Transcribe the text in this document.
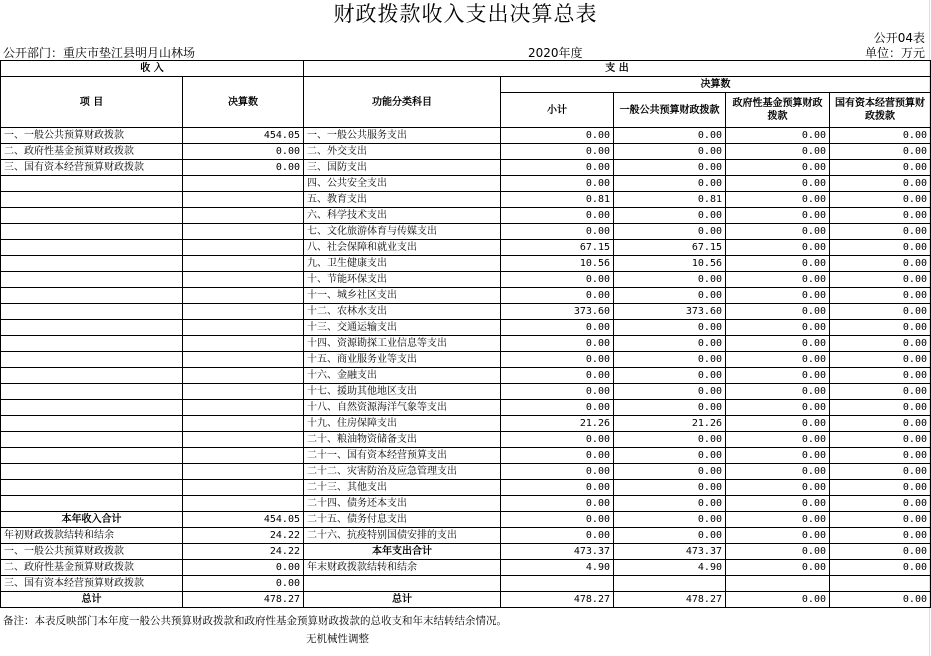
财政拨款收入支出决算总表
公开04表
公开部门：重庆市垫江县明月山林场	2020年度	单位：万元
收 入		支 出				
项 目	决算数	功能分类科目	决算数			
			小计	一般公共预算财政拨款	政府性基金预算财政拨款	国有资本经营预算财政拨款
一、一般公共预算财政拨款	454.05	一、一般公共服务支出	0.00	0.00	0.00	0.00
二、政府性基金预算财政拨款	0.00	二、外交支出	0.00	0.00	0.00	0.00
三、国有资本经营预算财政拨款	0.00	三、国防支出	0.00	0.00	0.00	0.00
		四、公共安全支出	0.00	0.00	0.00	0.00
		五、教育支出	0.81	0.81	0.00	0.00
		六、科学技术支出	0.00	0.00	0.00	0.00
		七、文化旅游体育与传媒支出	0.00	0.00	0.00	0.00
		八、社会保障和就业支出	67.15	67.15	0.00	0.00
		九、卫生健康支出	10.56	10.56	0.00	0.00
		十、节能环保支出	0.00	0.00	0.00	0.00
		十一、城乡社区支出	0.00	0.00	0.00	0.00
		十二、农林水支出	373.60	373.60	0.00	0.00
		十三、交通运输支出	0.00	0.00	0.00	0.00
		十四、资源勘探工业信息等支出	0.00	0.00	0.00	0.00
		十五、商业服务业等支出	0.00	0.00	0.00	0.00
		十六、金融支出	0.00	0.00	0.00	0.00
		十七、援助其他地区支出	0.00	0.00	0.00	0.00
		十八、自然资源海洋气象等支出	0.00	0.00	0.00	0.00
		十九、住房保障支出	21.26	21.26	0.00	0.00
		二十、粮油物资储备支出	0.00	0.00	0.00	0.00
		二十一、国有资本经营预算支出	0.00	0.00	0.00	0.00
		二十二、灾害防治及应急管理支出	0.00	0.00	0.00	0.00
		二十三、其他支出	0.00	0.00	0.00	0.00
		二十四、债务还本支出	0.00	0.00	0.00	0.00
本年收入合计	454.05	二十五、债务付息支出	0.00	0.00	0.00	0.00
年初财政拨款结转和结余	24.22	二十六、抗疫特别国债安排的支出	0.00	0.00	0.00	0.00
一、一般公共预算财政拨款	24.22	本年支出合计	473.37	473.37	0.00	0.00
二、政府性基金预算财政拨款	0.00	年末财政拨款结转和结余	4.90	4.90	0.00	0.00
三、国有资本经营预算财政拨款	0.00					
总计	478.27	总计	478.27	478.27	0.00	0.00
备注：本表反映部门本年度一般公共预算财政拨款和政府性基金预算财政拨款的总收支和年末结转结余情况。
无机械性调整
